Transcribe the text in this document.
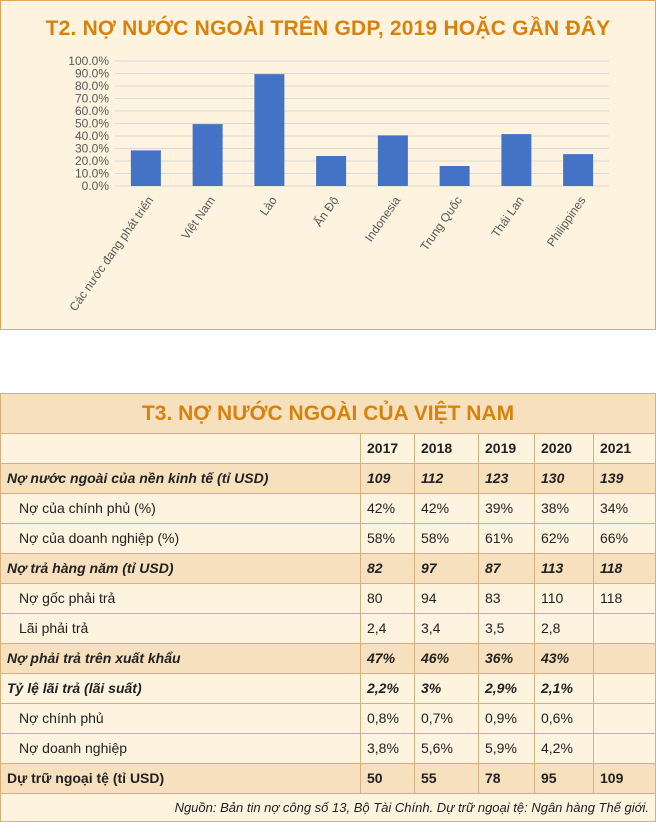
T2. NỢ NƯỚC NGOÀI TRÊN GDP, 2019 HOẶC GẦN ĐÂY
0.0%
10.0%
20.0%
30.0%
40.0%
50.0%
60.0%
70.0%
80.0%
90.0%
100.0%
Các nước đang phát triển Việt Nam	Lào	Ấn Độ Indonesia Trung Quốc Thái Lan Philippines
T3. NỢ NƯỚC NGOÀI CỦA VIỆT NAM					
	2017	2018	2019	2020	2021
Nợ nước ngoài của nền kinh tế (tỉ USD)	109	112	123	130	139
Nợ của chính phủ (%)	42%	42%	39%	38%	34%
Nợ của doanh nghiệp (%)	58%	58%	61%	62%	66%
Nợ trả hàng năm (tỉ USD)	82	97	87	113	118
Nợ gốc phải trả	80	94	83	110	118
Lãi phải trả	2,4	3,4	3,5	2,8	
Nợ phải trả trên xuất khẩu	47%	46%	36%	43%	
Tỷ lệ lãi trả (lãi suất)	2,2%	3%	2,9%	2,1%	
Nợ chính phủ	0,8%	0,7%	0,9%	0,6%	
Nợ doanh nghiệp	3,8%	5,6%	5,9%	4,2%	
Dự trữ ngoại tệ (tỉ USD)	50	55	78	95	109
Nguồn: Bản tin nợ công số 13, Bộ Tài Chính. Dự trữ ngoại tệ: Ngân hàng Thế giới.					
